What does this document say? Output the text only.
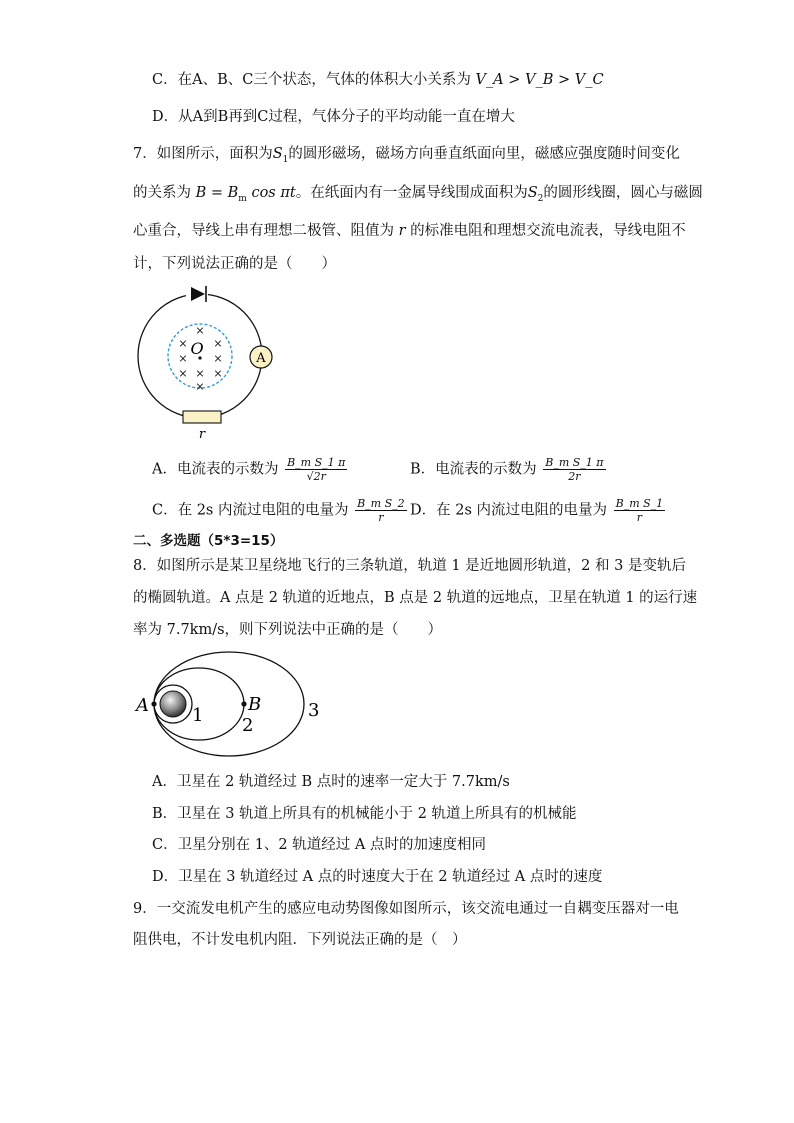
C．在A、B、C三个状态，气体的体积大小关系为 V_A > V_B > V_C
D．从A到B再到C过程，气体分子的平均动能一直在增大
7．如图所示，面积为$S_1$的圆形磁场，磁场方向垂直纸面向里，磁感应强度随时间变化
的关系为 $B = B_m$ cos πt。在纸面内有一金属导线围成面积为$S_2$的圆形线圈，圆心与磁圆
心重合，导线上串有理想二极管、阻值为 r 的标准电阻和理想交流电流表，导线电阻不
计，下列说法正确的是（　　）
A
r
O
×
× ×
× ×
× × ×
×
A．电流表的示数为 $\frac{\text{B\_m S\_1 π}}{√2r}$	B．电流表的示数为 $\frac{\text{B\_m S\_1 π}}{2r}$
C．在 2s 内流过电阻的电量为 $\frac{\text{B\_m S\_2}}{r}$ D．在 2s 内流过电阻的电量为 $\frac{\text{B\_m S\_1}}{r}$
二、多选题（5*3=15）
8．如图所示是某卫星绕地飞行的三条轨道，轨道 1 是近地圆形轨道，2 和 3 是变轨后
的椭圆轨道。A 点是 2 轨道的近地点，B 点是 2 轨道的远地点，卫星在轨道 1 的运行速
率为 7.7km/s，则下列说法中正确的是（　　）
A	B
1 2
3
A．卫星在 2 轨道经过 B 点时的速率一定大于 7.7km/s
B．卫星在 3 轨道上所具有的机械能小于 2 轨道上所具有的机械能
C．卫星分别在 1、2 轨道经过 A 点时的加速度相同
D．卫星在 3 轨道经过 A 点的时速度大于在 2 轨道经过 A 点时的速度
9．一交流发电机产生的感应电动势图像如图所示，该交流电通过一自耦变压器对一电
阻供电，不计发电机内阻．下列说法正确的是（　）
